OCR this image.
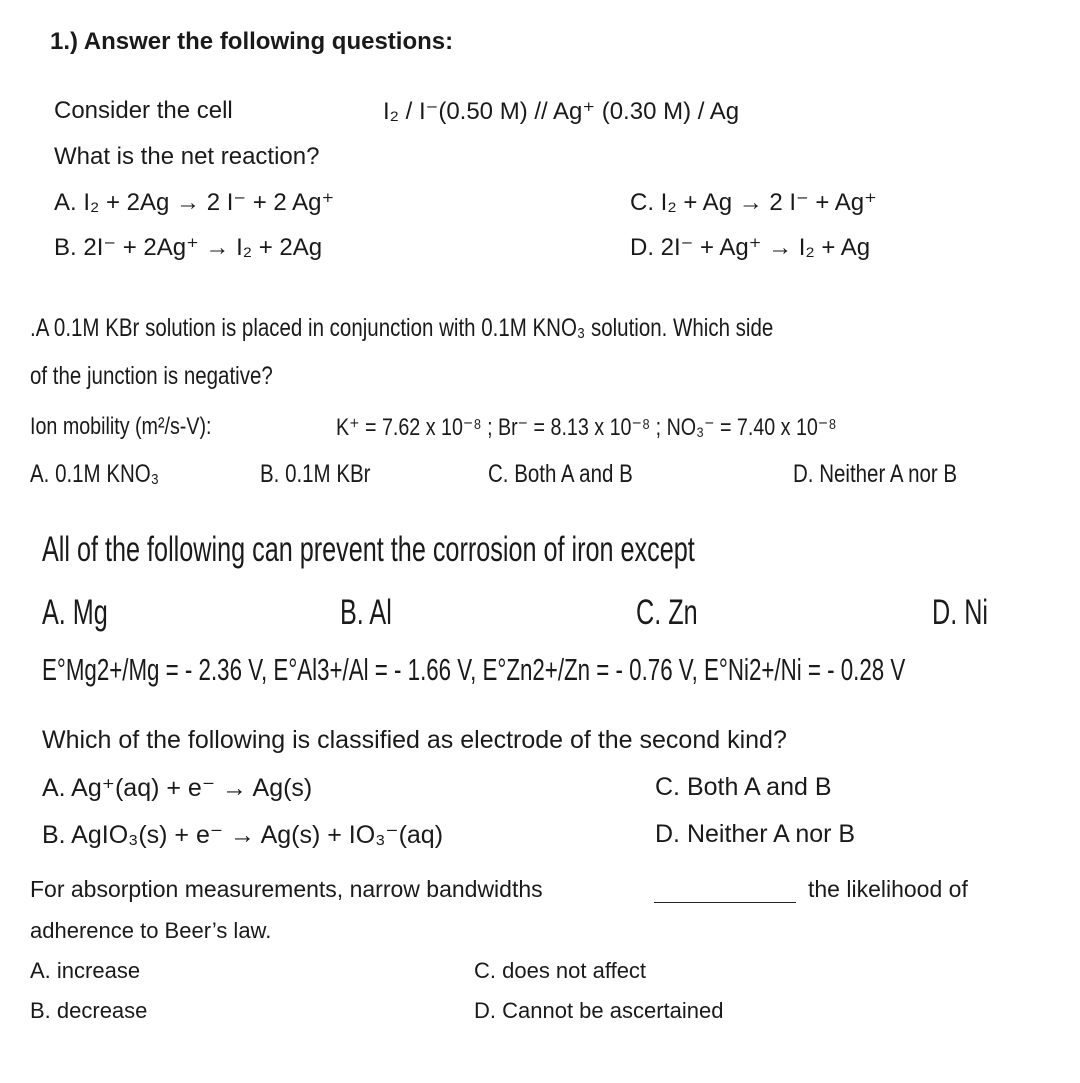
1.) Answer the following questions:
Consider the cell	I₂ / I⁻(0.50 M) // Ag⁺ (0.30 M) / Ag
What is the net reaction?
A. I₂ + 2Ag → 2 I⁻ + 2 Ag⁺
B. 2I⁻ + 2Ag⁺ → I₂ + 2Ag
C. I₂ + Ag → 2 I⁻ + Ag⁺
D. 2I⁻ + Ag⁺ → I₂ + Ag
.A 0.1M KBr solution is placed in conjunction with 0.1M KNO₃ solution. Which side
of the junction is negative?
Ion mobility (m²/s-V):	K⁺ = 7.62 x 10⁻⁸ ; Br⁻ = 8.13 x 10⁻⁸ ; NO₃⁻ = 7.40 x 10⁻⁸
A. 0.1M KNO₃	B. 0.1M KBr	C. Both A and B	D. Neither A nor B
All of the following can prevent the corrosion of iron except
A. Mg	B. Al	C. Zn	D. Ni
E°Mg2+/Mg = - 2.36 V, E°Al3+/Al = - 1.66 V, E°Zn2+/Zn = - 0.76 V, E°Ni2+/Ni = - 0.28 V
Which of the following is classified as electrode of the second kind?
A. Ag⁺(aq) + e⁻ → Ag(s)
B. AgIO₃(s) + e⁻ → Ag(s) + IO₃⁻(aq)
C. Both A and B
D. Neither A nor B
For absorption measurements, narrow bandwidths	the likelihood of
adherence to Beer’s law.
A. increase
B. decrease
C. does not affect
D. Cannot be ascertained
